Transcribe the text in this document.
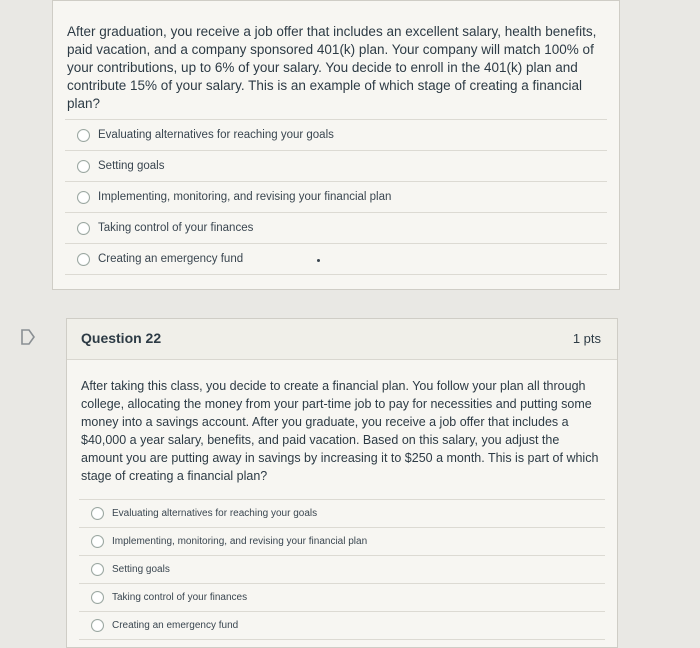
After graduation, you receive a job offer that includes an excellent salary, health benefits, paid vacation, and a company sponsored 401(k) plan. Your company will match 100% of your contributions, up to 6% of your salary. You decide to enroll in the 401(k) plan and contribute 15% of your salary. This is an example of which stage of creating a financial plan?
Evaluating alternatives for reaching your goals
Setting goals
Implementing, monitoring, and revising your financial plan
Taking control of your finances
Creating an emergency fund
Question 22	1 pts
After taking this class, you decide to create a financial plan. You follow your plan all through college, allocating the money from your part-time job to pay for necessities and putting some money into a savings account. After you graduate, you receive a job offer that includes a $40,000 a year salary, benefits, and paid vacation. Based on this salary, you adjust the amount you are putting away in savings by increasing it to $250 a month. This is part of which stage of creating a financial plan?
Evaluating alternatives for reaching your goals
Implementing, monitoring, and revising your financial plan
Setting goals
Taking control of your finances
Creating an emergency fund
